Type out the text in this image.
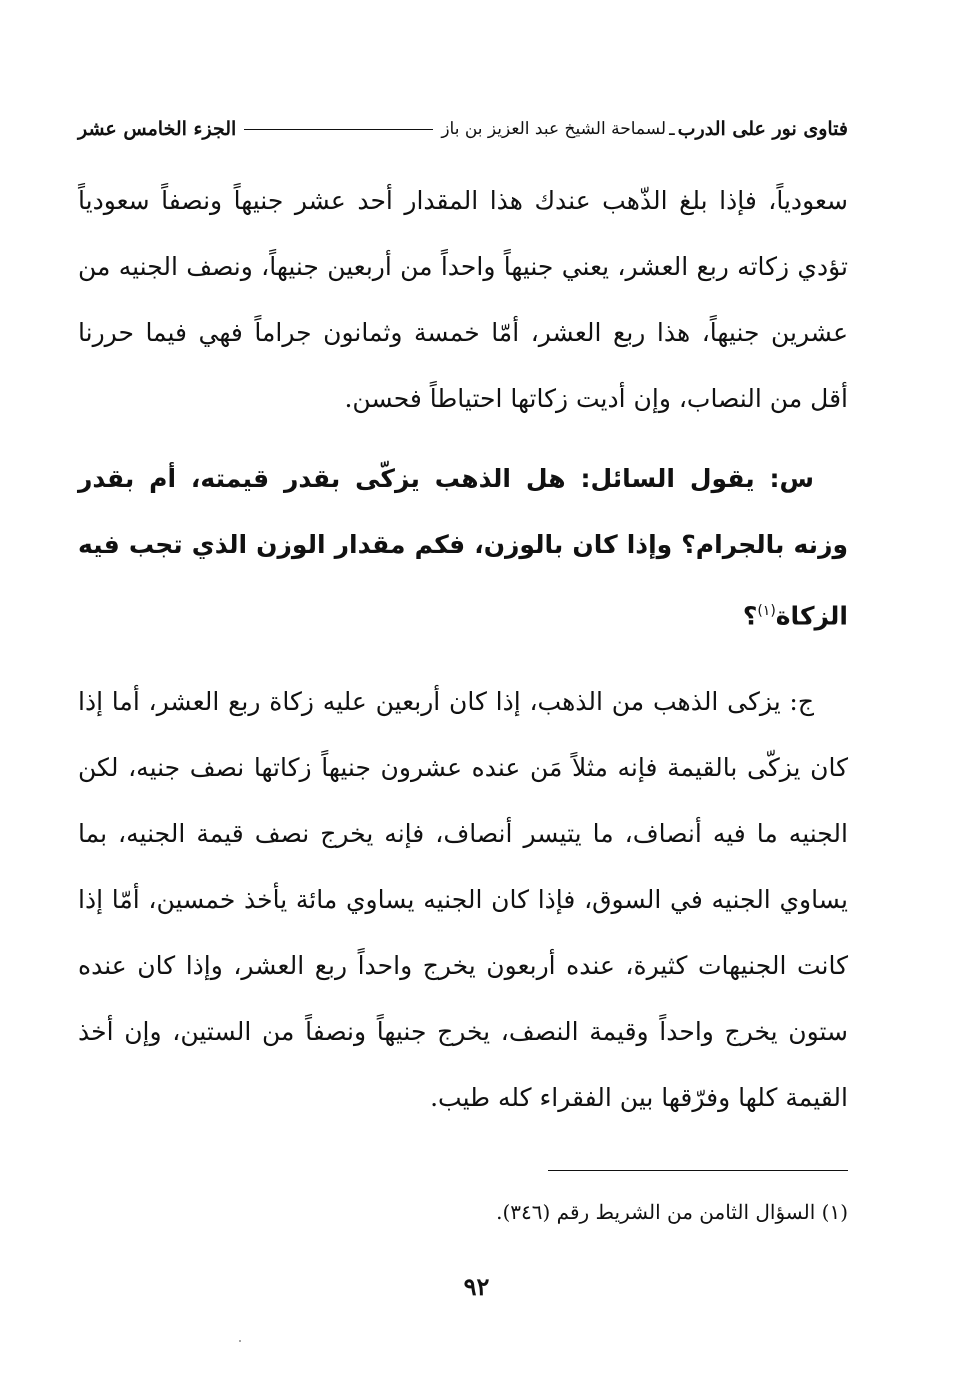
فتاوى نور على الدرب
ـ
لسماحة الشيخ عبد العزيز بن باز
الجزء الخامس عشر

سعودياً، فإذا بلغ الذّهب عندك هذا المقدار أحد عشر جنيهاً ونصفاً سعودياً تؤدي زكاته ربع العشر، يعني جنيهاً واحداً من أربعين جنيهاً، ونصف الجنيه من عشرين جنيهاً، هذا ربع العشر، أمّا خمسة وثمانون جراماً فهي فيما حررنا أقل من النصاب، وإن أديت زكاتها احتياطاً فحسن.

س: يقول السائل: هل الذهب يزكّى بقدر قيمته، أم بقدر وزنه بالجرام؟ وإذا كان بالوزن، فكم مقدار الوزن الذي تجب فيه الزكاة$^{(١)}$؟

ج: يزكى الذهب من الذهب، إذا كان أربعين عليه زكاة ربع العشر، أما إذا كان يزكّى بالقيمة فإنه مثلاً مَن عنده عشرون جنيهاً زكاتها نصف جنيه، لكن الجنيه ما فيه أنصاف، ما يتيسر أنصاف، فإنه يخرج نصف قيمة الجنيه، بما يساوي الجنيه في السوق، فإذا كان الجنيه يساوي مائة يأخذ خمسين، أمّا إذا كانت الجنيهات كثيرة، عنده أربعون يخرج واحداً ربع العشر، وإذا كان عنده ستون يخرج واحداً وقيمة النصف، يخرج جنيهاً ونصفاً من الستين، وإن أخذ القيمة كلها وفرّقها بين الفقراء كله طيب.

(١) السؤال الثامن من الشريط رقم (٣٤٦).
٩٢
